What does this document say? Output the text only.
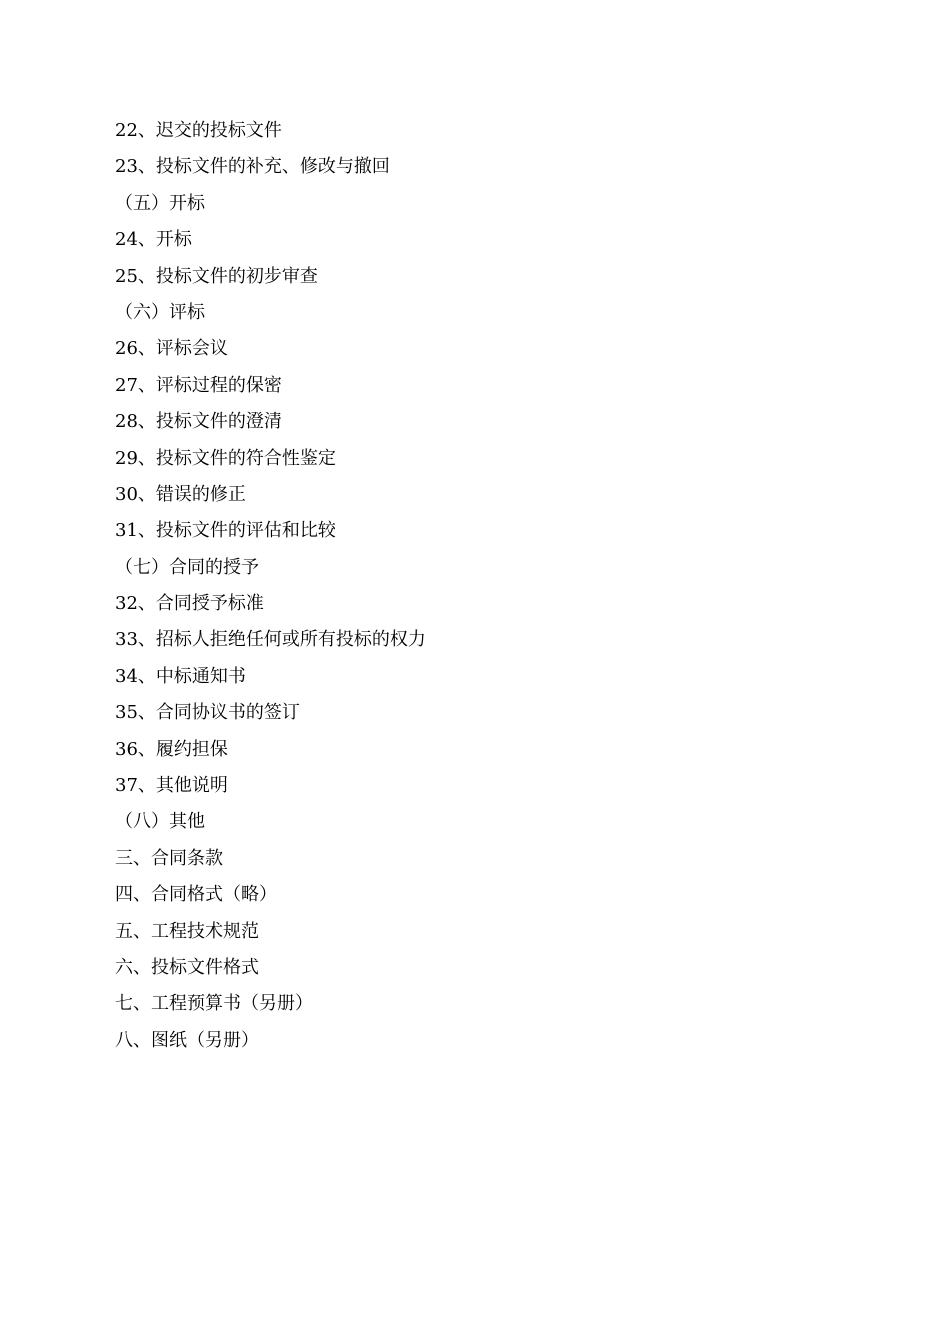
22、迟交的投标文件
23、投标文件的补充、修改与撤回
（五）开标
24、开标
25、投标文件的初步审查
（六）评标
26、评标会议
27、评标过程的保密
28、投标文件的澄清
29、投标文件的符合性鉴定
30、错误的修正
31、投标文件的评估和比较
（七）合同的授予
32、合同授予标准
33、招标人拒绝任何或所有投标的权力
34、中标通知书
35、合同协议书的签订
36、履约担保
37、其他说明
（八）其他
三、合同条款
四、合同格式（略）
五、工程技术规范
六、投标文件格式
七、工程预算书（另册）
八、图纸（另册）
